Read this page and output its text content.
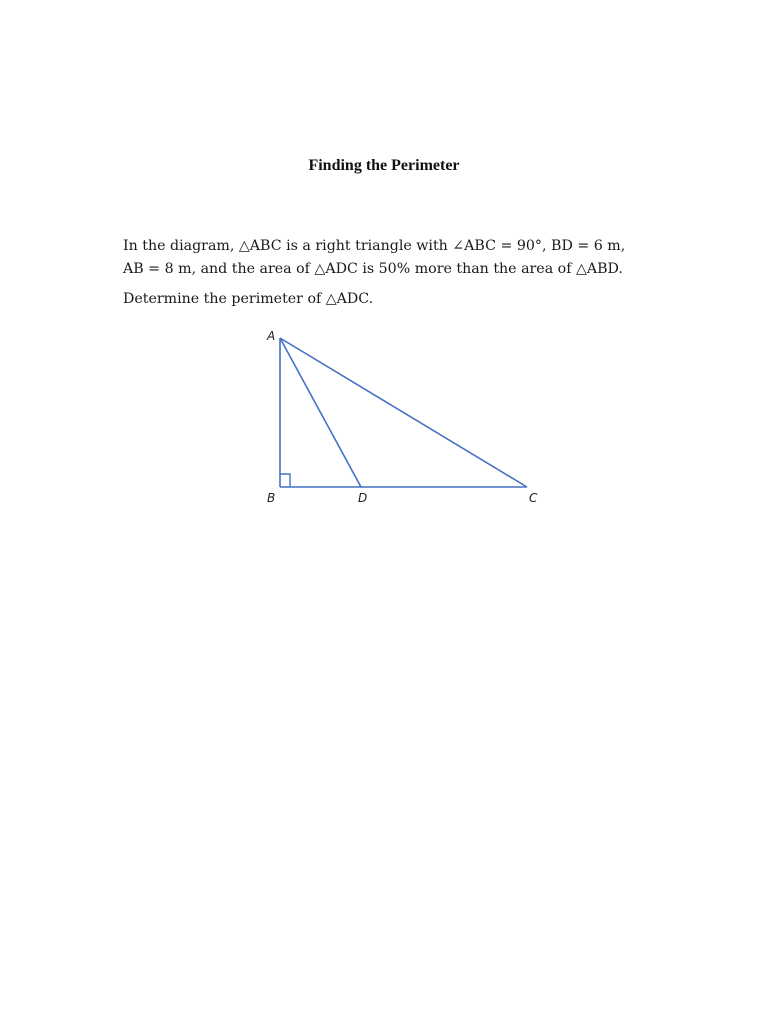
Finding the Perimeter

In the diagram, △ABC is a right triangle with ∠ABC = 90°, BD = 6 m,
AB = 8 m, and the area of △ADC is 50% more than the area of △ABD.

Determine the perimeter of △ADC.

A
B	D	C
